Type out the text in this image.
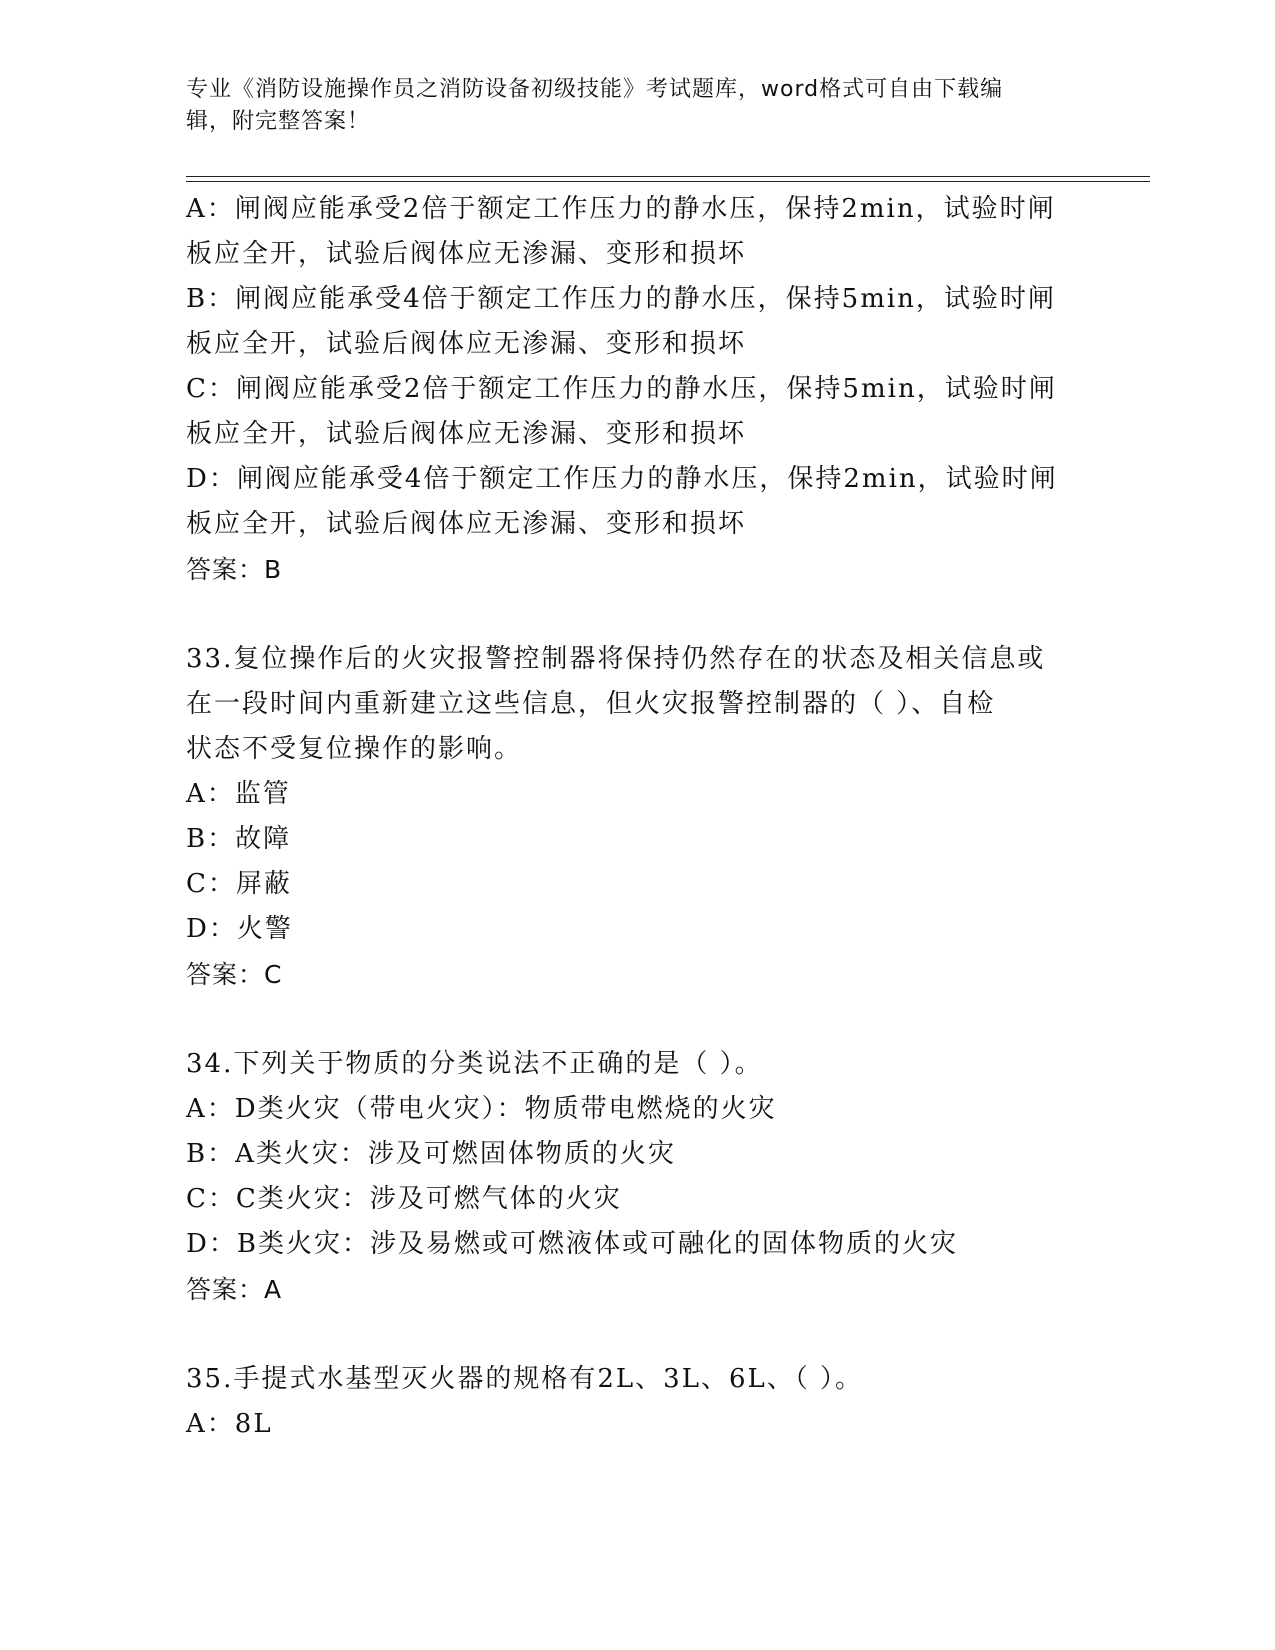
专业《消防设施操作员之消防设备初级技能》考试题库，word格式可自由下载编
辑，附完整答案！
A：闸阀应能承受2倍于额定工作压力的静水压，保持2min，试验时闸
板应全开，试验后阀体应无渗漏、变形和损坏
B：闸阀应能承受4倍于额定工作压力的静水压，保持5min，试验时闸
板应全开，试验后阀体应无渗漏、变形和损坏
C：闸阀应能承受2倍于额定工作压力的静水压，保持5min，试验时闸
板应全开，试验后阀体应无渗漏、变形和损坏
D：闸阀应能承受4倍于额定工作压力的静水压，保持2min，试验时闸
板应全开，试验后阀体应无渗漏、变形和损坏
答案：B
33.复位操作后的火灾报警控制器将保持仍然存在的状态及相关信息或
在一段时间内重新建立这些信息，但火灾报警控制器的（ ）、自检
状态不受复位操作的影响。
A：监管
B：故障
C：屏蔽
D：火警
答案：C
34.下列关于物质的分类说法不正确的是（ ）。
A：D类火灾（带电火灾）：物质带电燃烧的火灾
B：A类火灾：涉及可燃固体物质的火灾
C：C类火灾：涉及可燃气体的火灾
D：B类火灾：涉及易燃或可燃液体或可融化的固体物质的火灾
答案：A
35.手提式水基型灭火器的规格有2L、3L、6L、（ ）。
A：8L
